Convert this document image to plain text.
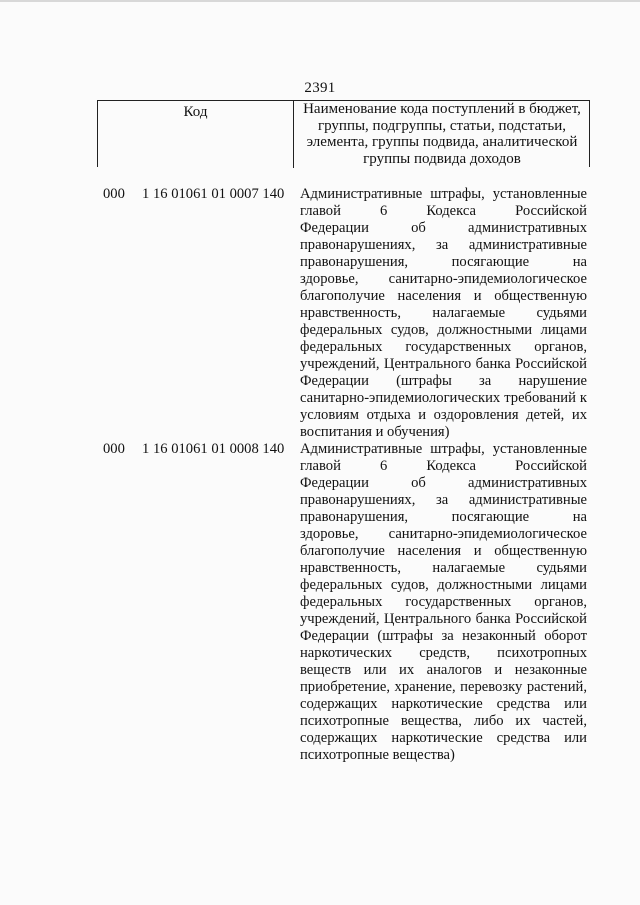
2391
Код	Наименование кода поступлений в бюджет,
группы, подгруппы, статьи, подстатьи,
элемента, группы подвида, аналитической
группы подвида доходов
000 1 16 01061 01 0007 140 Административные штрафы, установленные
главой 6 Кодекса Российской
Федерации об административных
правонарушениях, за административные
правонарушения, посягающие на
здоровье, санитарно-эпидемиологическое
благополучие населения и общественную
нравственность, налагаемые судьями
федеральных судов, должностными лицами
федеральных государственных органов,
учреждений, Центрального банка Российской
Федерации (штрафы за нарушение
санитарно-эпидемиологических требований к
условиям отдыха и оздоровления детей, их
воспитания и обучения)
000 1 16 01061 01 0008 140 Административные штрафы, установленные
главой 6 Кодекса Российской
Федерации об административных
правонарушениях, за административные
правонарушения, посягающие на
здоровье, санитарно-эпидемиологическое
благополучие населения и общественную
нравственность, налагаемые судьями
федеральных судов, должностными лицами
федеральных государственных органов,
учреждений, Центрального банка Российской
Федерации (штрафы за незаконный оборот
наркотических средств, психотропных
веществ или их аналогов и незаконные
приобретение, хранение, перевозку растений,
содержащих наркотические средства или
психотропные вещества, либо их частей,
содержащих наркотические средства или
психотропные вещества)
